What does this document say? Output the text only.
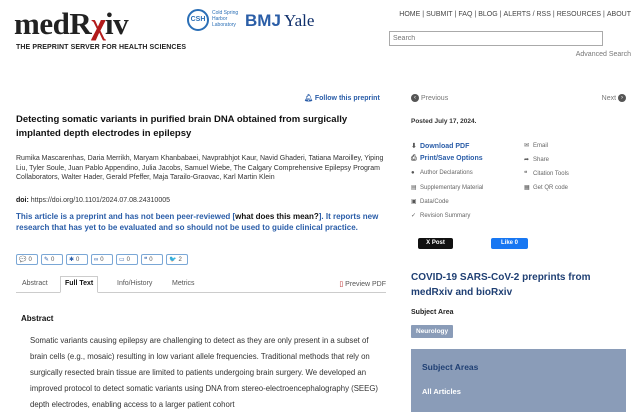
medRχiv
THE PREPRINT SERVER FOR HEALTH SCIENCES
CSH
Cold Spring Harbor Laboratory BMJ Yale	HOME | SUBMIT | FAQ | BLOG | ALERTS / RSS | RESOURCES | ABOUT
Search
Advanced Search
🔔︎ Follow this preprint
Detecting somatic variants in purified brain DNA obtained from surgically implanted depth electrodes in epilepsy
Rumika Mascarenhas, Daria Merrikh, Maryam Khanbabaei, Navprabhjot Kaur, Navid Ghaderi, Tatiana Maroilley, Yiping Liu, Tyler Soule, Juan Pablo Appendino, Julia Jacobs, Samuel Wiebe, The Calgary Comprehensive Epilepsy Program Collaborators, Walter Hader, Gerald Pfeffer, Maja Tarailo-Graovac, Karl Martin Klein
doi: https://doi.org/10.1101/2024.07.08.24310005
This article is a preprint and has not been peer-reviewed [what does this mean?]. It reports new research that has yet to be evaluated and so should not be used to guide clinical practice.
💬 0 ✎ 0 ✱ 0 ∞ 0	▭ 0 ❝ 0	🐦 2
Abstract	Full Text	Info/History	Metrics	▯ Preview PDF
Abstract
Somatic variants causing epilepsy are challenging to detect as they are only present in a subset of brain cells (e.g., mosaic) resulting in low variant allele frequencies. Traditional methods that rely on surgically resected brain tissue are limited to patients undergoing brain surgery. We developed an improved protocol to detect somatic variants using DNA from stereo-electroencephalography (SEEG) depth electrodes, enabling access to a larger patient cohort
‹ Previous	Next ›
Posted July 17, 2024.
⬇ Download PDF
⎙ Print/Save Options
● Author Declarations
▤ Supplementary Material
▣ Data/Code
✓ Revision Summary
✉ Email
➦ Share
❝ Citation Tools
▦ Get QR code
X Post	Like 0
COVID-19 SARS-CoV-2 preprints from medRxiv and bioRxiv
Subject Area
Neurology
Subject Areas
All Articles
